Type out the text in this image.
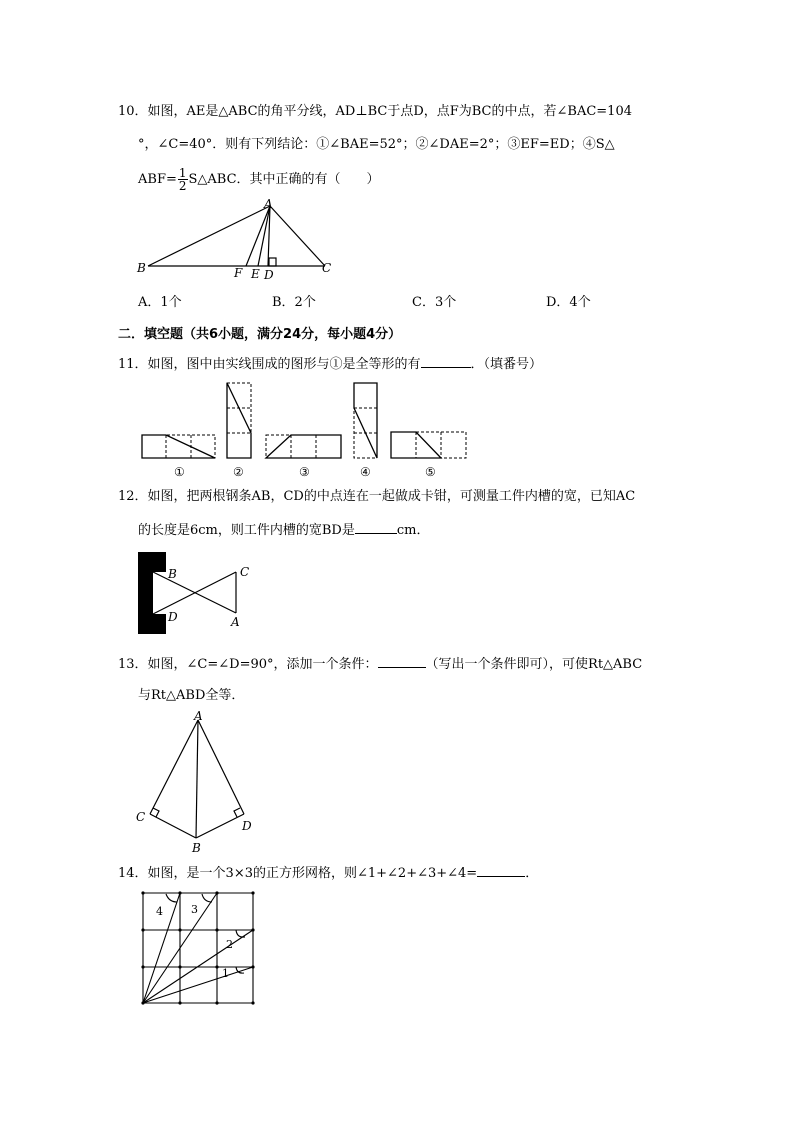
10．如图，AE是△ABC的角平分线，AD⊥BC于点D，点F为BC的中点，若∠BAC=104
°，∠C=40°．则有下列结论：①∠BAE=52°；②∠DAE=2°；③EF=ED；④S△
$ABF= \frac{1}{2}$ S△ABC．其中正确的有（　　）
A
B	C
F E D
A．1个	B．2个	C．3个	D．4个
二．填空题（共6小题，满分24分，每小题4分）
11．如图，图中由实线围成的图形与①是全等形的有	．（填番号）
①	②	③	④	⑤
12．如图，把两根钢条AB，CD的中点连在一起做成卡钳，可测量工件内槽的宽，已知AC
的长度是6cm，则工件内槽的宽BD是	cm．
B
D
C
A
13．如图，∠C=∠D=90°，添加一个条件：	（写出一个条件即可），可使Rt△ABC
与Rt△ABD全等．
A
C
D
B
14．如图，是一个3×3的正方形网格，则∠1+∠2+∠3+∠4=	．
4	3
2
1
